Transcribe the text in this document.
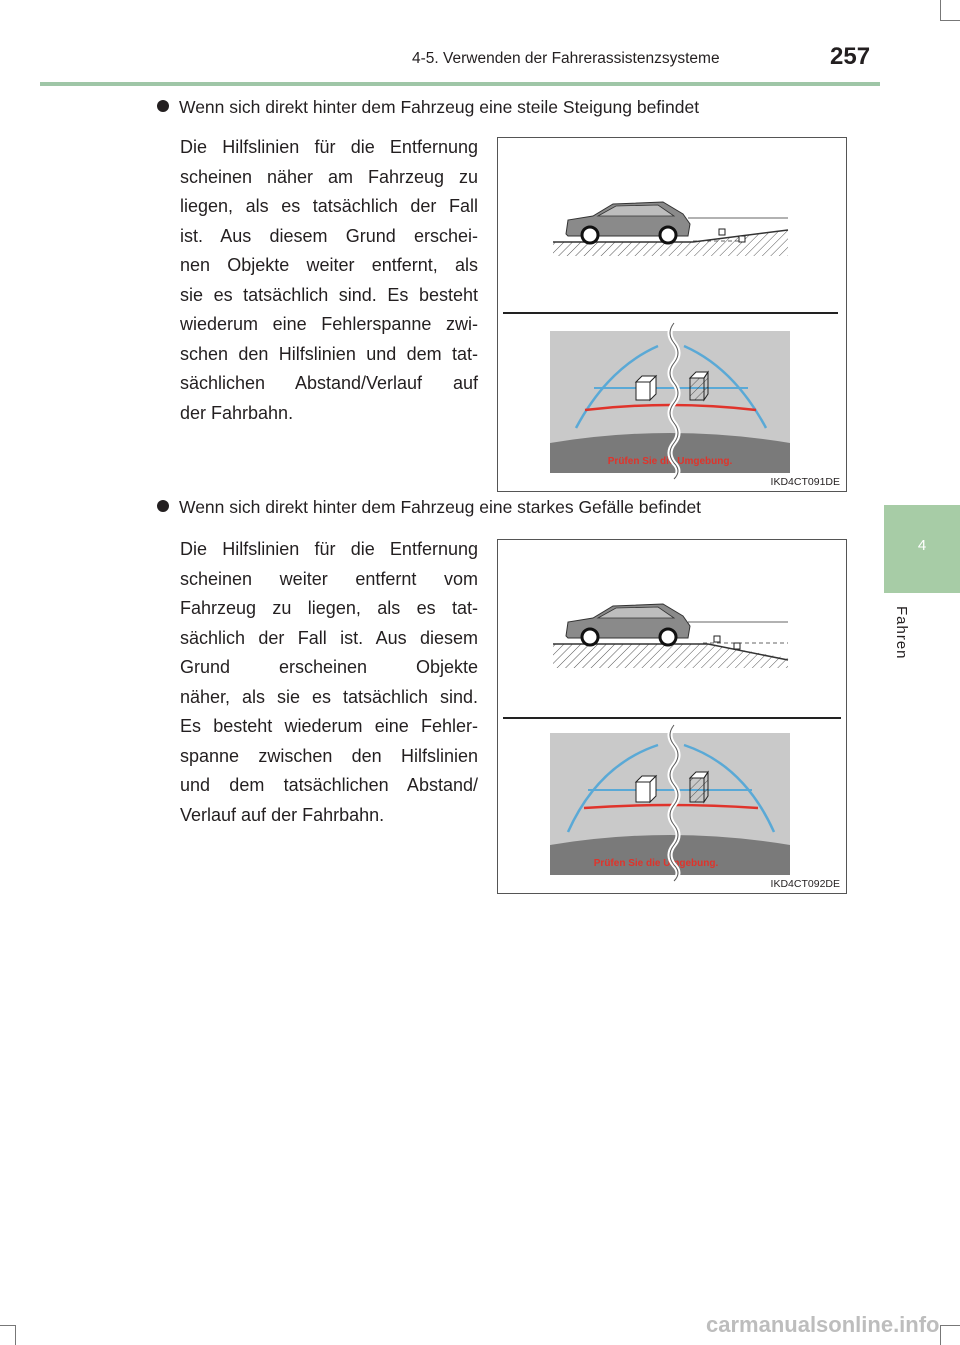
4-5. Verwenden der Fahrerassistenzsysteme	257
4
Fahren
Wenn sich direkt hinter dem Fahrzeug eine steile Steigung befindet
Die Hilfslinien für die Entfernung
scheinen näher am Fahrzeug zu
liegen, als es tatsächlich der Fall
ist. Aus diesem Grund erschei-
nen Objekte weiter entfernt, als
sie es tatsächlich sind. Es besteht
wiederum eine Fehlerspanne zwi-
schen den Hilfslinien und dem tat-
sächlichen Abstand/Verlauf auf
der Fahrbahn.
Prüfen Sie die Umgebung.
IKD4CT091DE
Wenn sich direkt hinter dem Fahrzeug eine starkes Gefälle befindet
Die Hilfslinien für die Entfernung
scheinen weiter entfernt vom
Fahrzeug zu liegen, als es tat-
sächlich der Fall ist. Aus diesem
Grund erscheinen Objekte
näher, als sie es tatsächlich sind.
Es besteht wiederum eine Fehler-
spanne zwischen den Hilfslinien
und dem tatsächlichen Abstand/
Verlauf auf der Fahrbahn.
Prüfen Sie die Umgebung.
IKD4CT092DE
carmanualsonline.info
